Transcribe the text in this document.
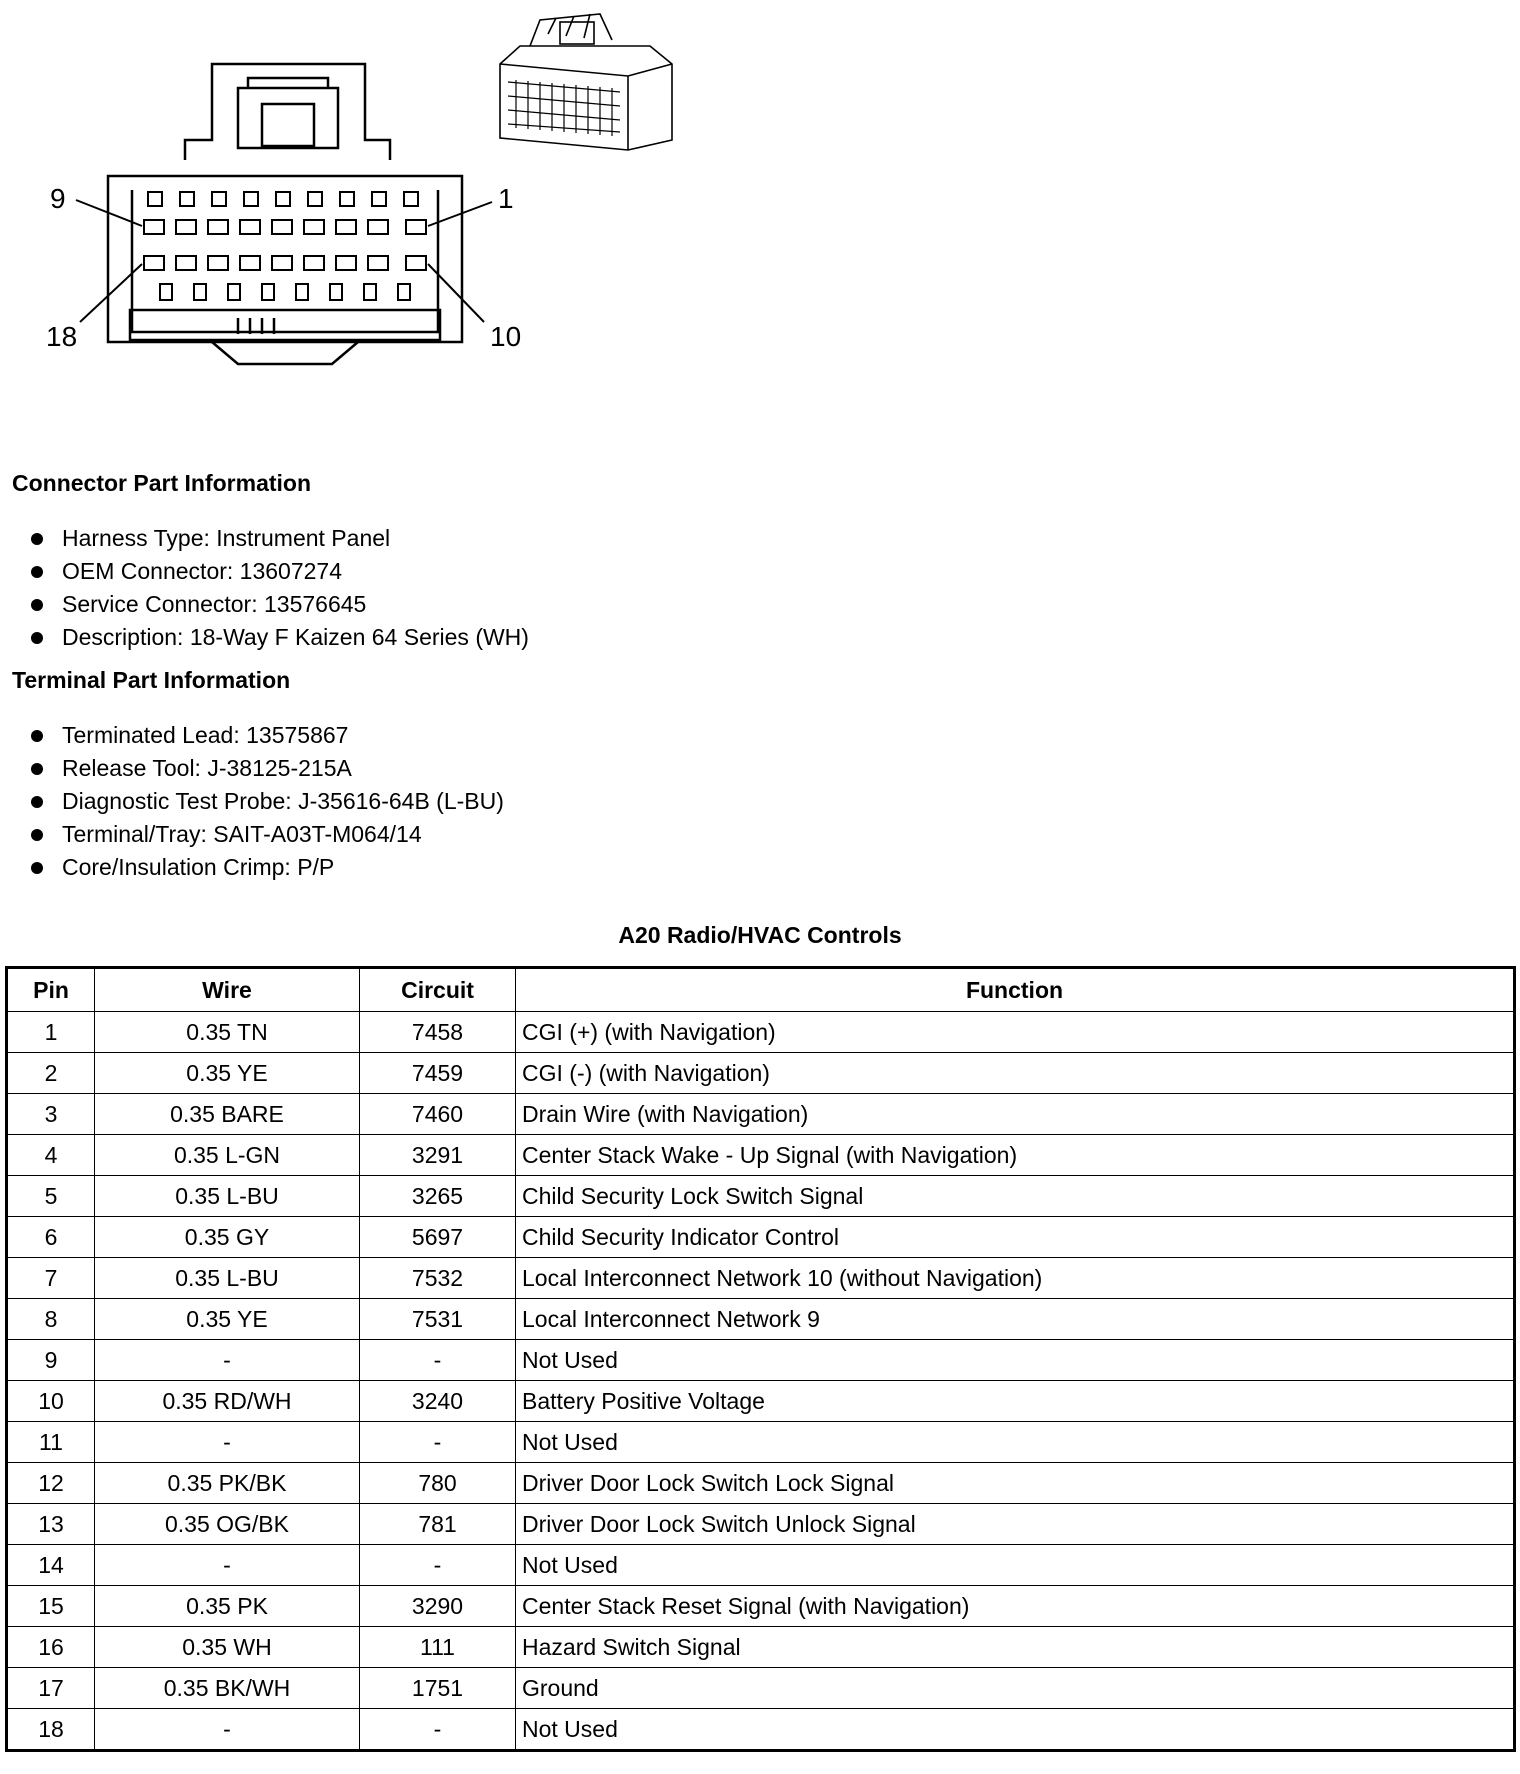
9	1
18	10
Connector Part Information
Harness Type: Instrument Panel
OEM Connector: 13607274
Service Connector: 13576645
Description: 18-Way F Kaizen 64 Series (WH)
Terminal Part Information
Terminated Lead: 13575867
Release Tool: J-38125-215A
Diagnostic Test Probe: J-35616-64B (L-BU)
Terminal/Tray: SAIT-A03T-M064/14
Core/Insulation Crimp: P/P
A20 Radio/HVAC Controls
Pin	Wire	Circuit	Function
1	0.35 TN	7458	CGI (+) (with Navigation)
2	0.35 YE	7459	CGI (-) (with Navigation)
3	0.35 BARE	7460	Drain Wire (with Navigation)
4	0.35 L-GN	3291	Center Stack Wake - Up Signal (with Navigation)
5	0.35 L-BU	3265	Child Security Lock Switch Signal
6	0.35 GY	5697	Child Security Indicator Control
7	0.35 L-BU	7532	Local Interconnect Network 10 (without Navigation)
8	0.35 YE	7531	Local Interconnect Network 9
9	-	-	Not Used
10	0.35 RD/WH	3240	Battery Positive Voltage
11	-	-	Not Used
12	0.35 PK/BK	780	Driver Door Lock Switch Lock Signal
13	0.35 OG/BK	781	Driver Door Lock Switch Unlock Signal
14	-	-	Not Used
15	0.35 PK	3290	Center Stack Reset Signal (with Navigation)
16	0.35 WH	111	Hazard Switch Signal
17	0.35 BK/WH	1751	Ground
18	-	-	Not Used
